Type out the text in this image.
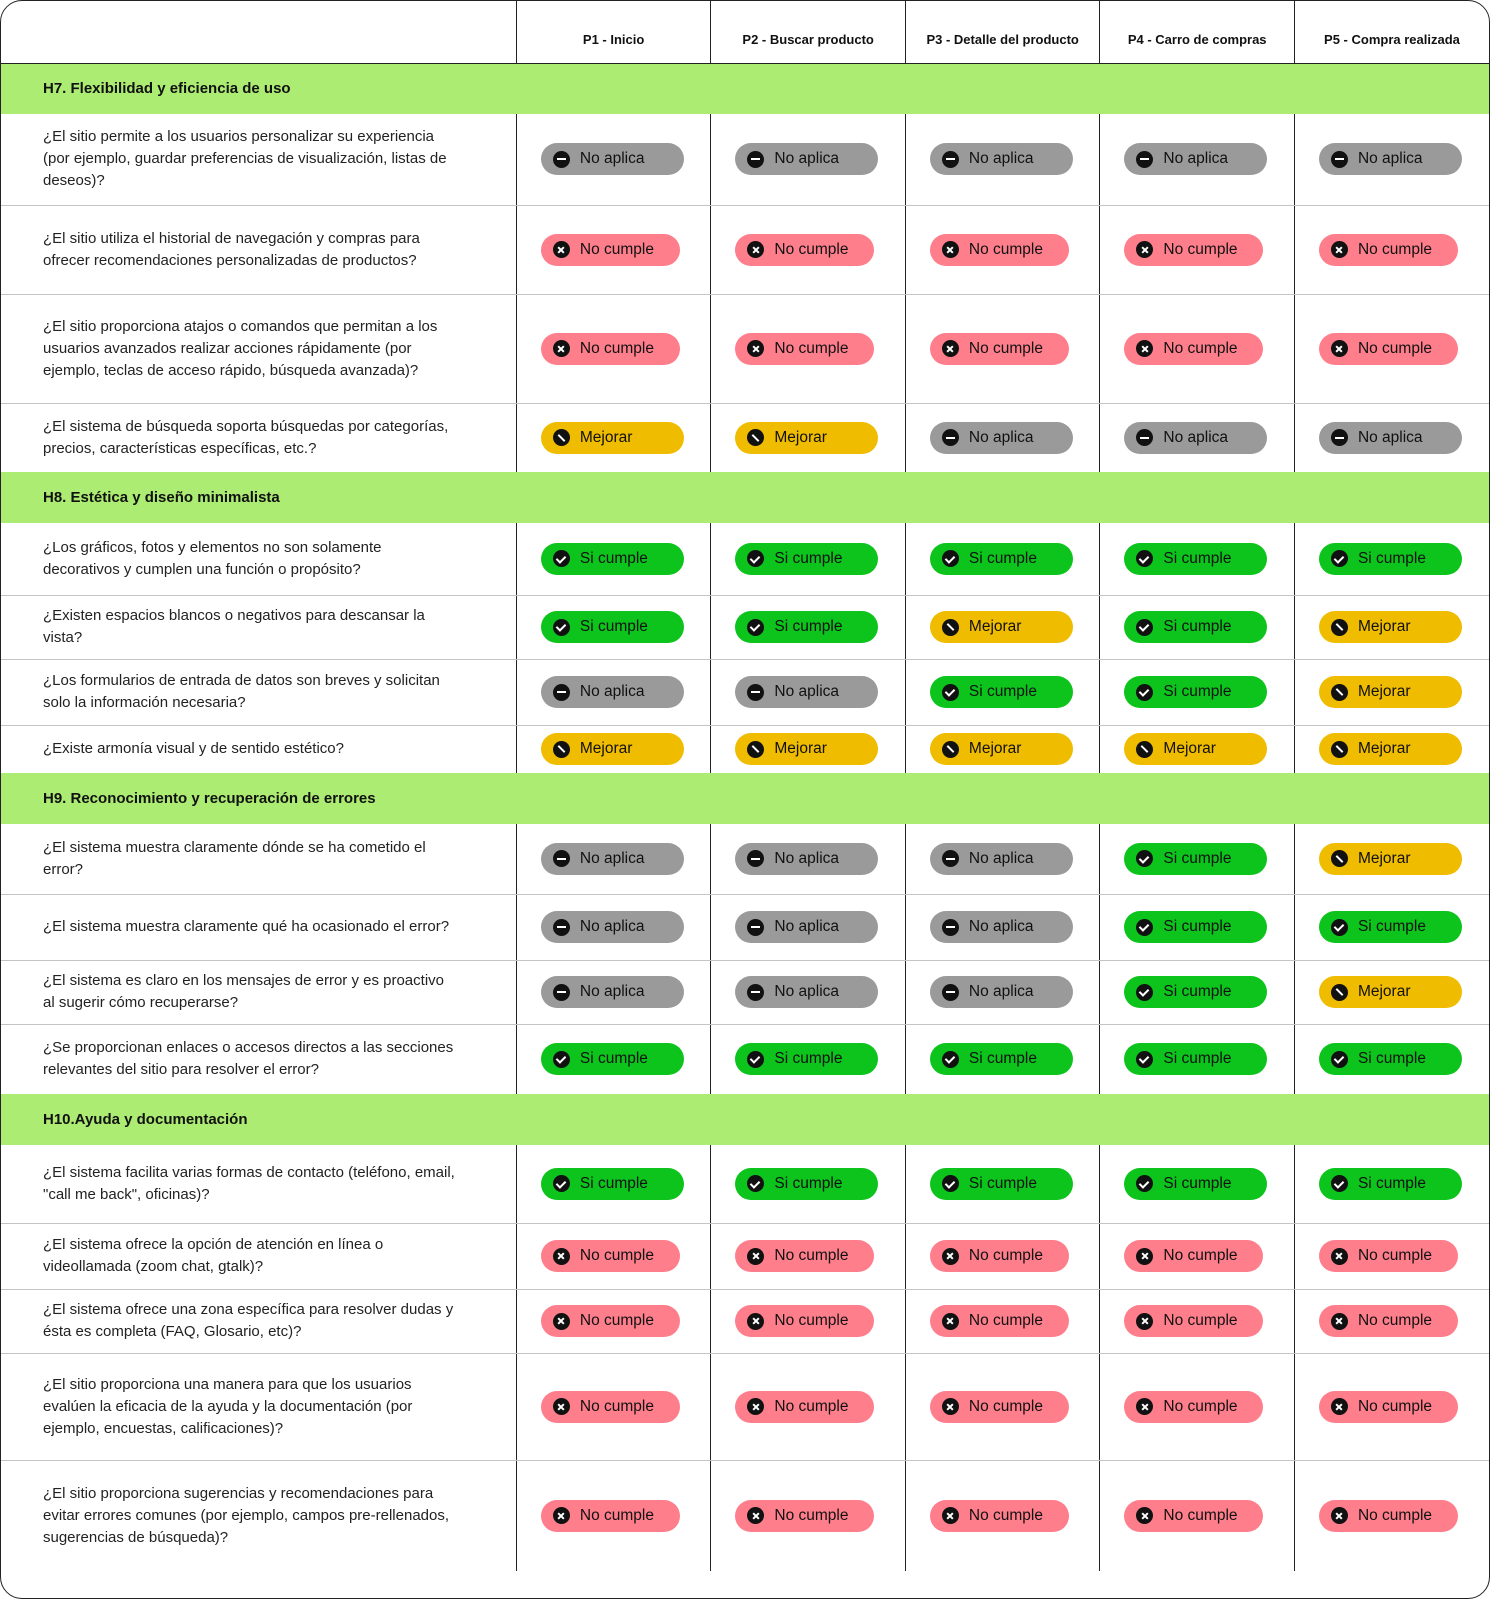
	P1 - Inicio	P2 - Buscar producto	P3 - Detalle del producto	P4 - Carro de compras	P5 - Compra realizada
H7. Flexibilidad y eficiencia de uso					
¿El sitio permite a los usuarios personalizar su experiencia (por ejemplo, guardar preferencias de visualización, listas de deseos)?	No aplica	No aplica	No aplica	No aplica	No aplica

¿El sitio utiliza el historial de navegación y compras para ofrecer recomendaciones personalizadas de productos?	No cumple	No cumple	No cumple	No cumple	No cumple

¿El sitio proporciona atajos o comandos que permitan a los usuarios avanzados realizar acciones rápidamente (por ejemplo, teclas de acceso rápido, búsqueda avanzada)?	No cumple	No cumple	No cumple	No cumple	No cumple

¿El sistema de búsqueda soporta búsquedas por categorías, precios, características específicas, etc.?	Mejorar	Mejorar	No aplica	No aplica	No aplica

H8. Estética y diseño minimalista					
¿Los gráficos, fotos y elementos no son solamente decorativos y cumplen una función o propósito?	Si cumple	Si cumple	Si cumple	Si cumple	Si cumple

¿Existen espacios blancos o negativos para descansar la vista?	Si cumple	Si cumple	Mejorar	Si cumple	Mejorar

¿Los formularios de entrada de datos son breves y solicitan solo la información necesaria?	No aplica	No aplica	Si cumple	Si cumple	Mejorar

¿Existe armonía visual y de sentido estético?	Mejorar	Mejorar	Mejorar	Mejorar	Mejorar

H9. Reconocimiento y recuperación de errores					
¿El sistema muestra claramente dónde se ha cometido el error?	No aplica	No aplica	No aplica	Si cumple	Mejorar

¿El sistema muestra claramente qué ha ocasionado el error?	No aplica	No aplica	No aplica	Si cumple	Si cumple

¿El sistema es claro en los mensajes de error y es proactivo al sugerir cómo recuperarse?	No aplica	No aplica	No aplica	Si cumple	Mejorar

¿Se proporcionan enlaces o accesos directos a las secciones relevantes del sitio para resolver el error?	Si cumple	Si cumple	Si cumple	Si cumple	Si cumple

H10.Ayuda y documentación					
¿El sistema facilita varias formas de contacto (teléfono, email, "call me back", oficinas)?	Si cumple	Si cumple	Si cumple	Si cumple	Si cumple

¿El sistema ofrece la opción de atención en línea o videollamada (zoom chat, gtalk)?	No cumple	No cumple	No cumple	No cumple	No cumple

¿El sistema ofrece una zona específica para resolver dudas y ésta es completa (FAQ, Glosario, etc)?	No cumple	No cumple	No cumple	No cumple	No cumple

¿El sitio proporciona una manera para que los usuarios evalúen la eficacia de la ayuda y la documentación (por ejemplo, encuestas, calificaciones)?	No cumple	No cumple	No cumple	No cumple	No cumple

¿El sitio proporciona sugerencias y recomendaciones para evitar errores comunes (por ejemplo, campos pre-rellenados, sugerencias de búsqueda)?	No cumple	No cumple	No cumple	No cumple	No cumple
